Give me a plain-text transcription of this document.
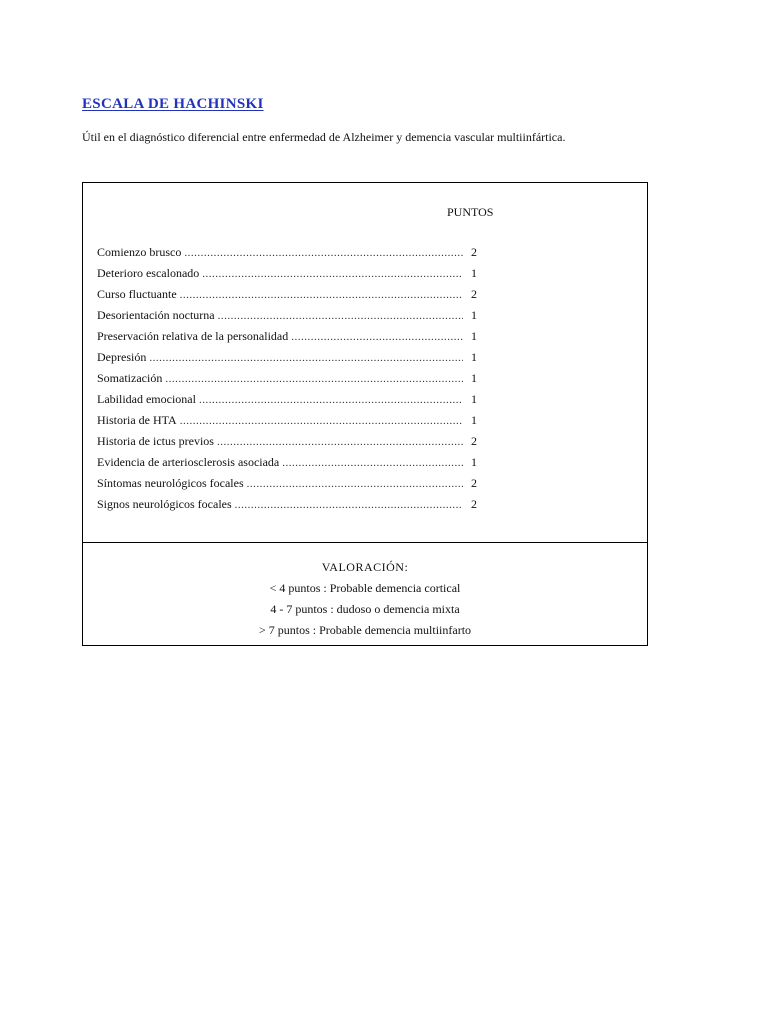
ESCALA DE HACHINSKI
Útil en el diagnóstico diferencial entre enfermedad de Alzheimer y demencia vascular multiinfártica.
PUNTOS
Comienzo brusco .....	2
Deterioro escalonado .....	1
Curso fluctuante .....	2
Desorientación nocturna .....	1
Preservación relativa de la personalidad .....	1
Depresión .....	1
Somatización .....	1
Labilidad emocional .....	1
Historia de HTA .....	1
Historia de ictus previos .....	2
Evidencia de arteriosclerosis asociada .....	1
Síntomas neurológicos focales .....	2
Signos neurológicos focales .....	2
VALORACIÓN:
< 4 puntos : Probable demencia cortical
4 - 7 puntos : dudoso o demencia mixta
> 7 puntos : Probable demencia multiinfarto
